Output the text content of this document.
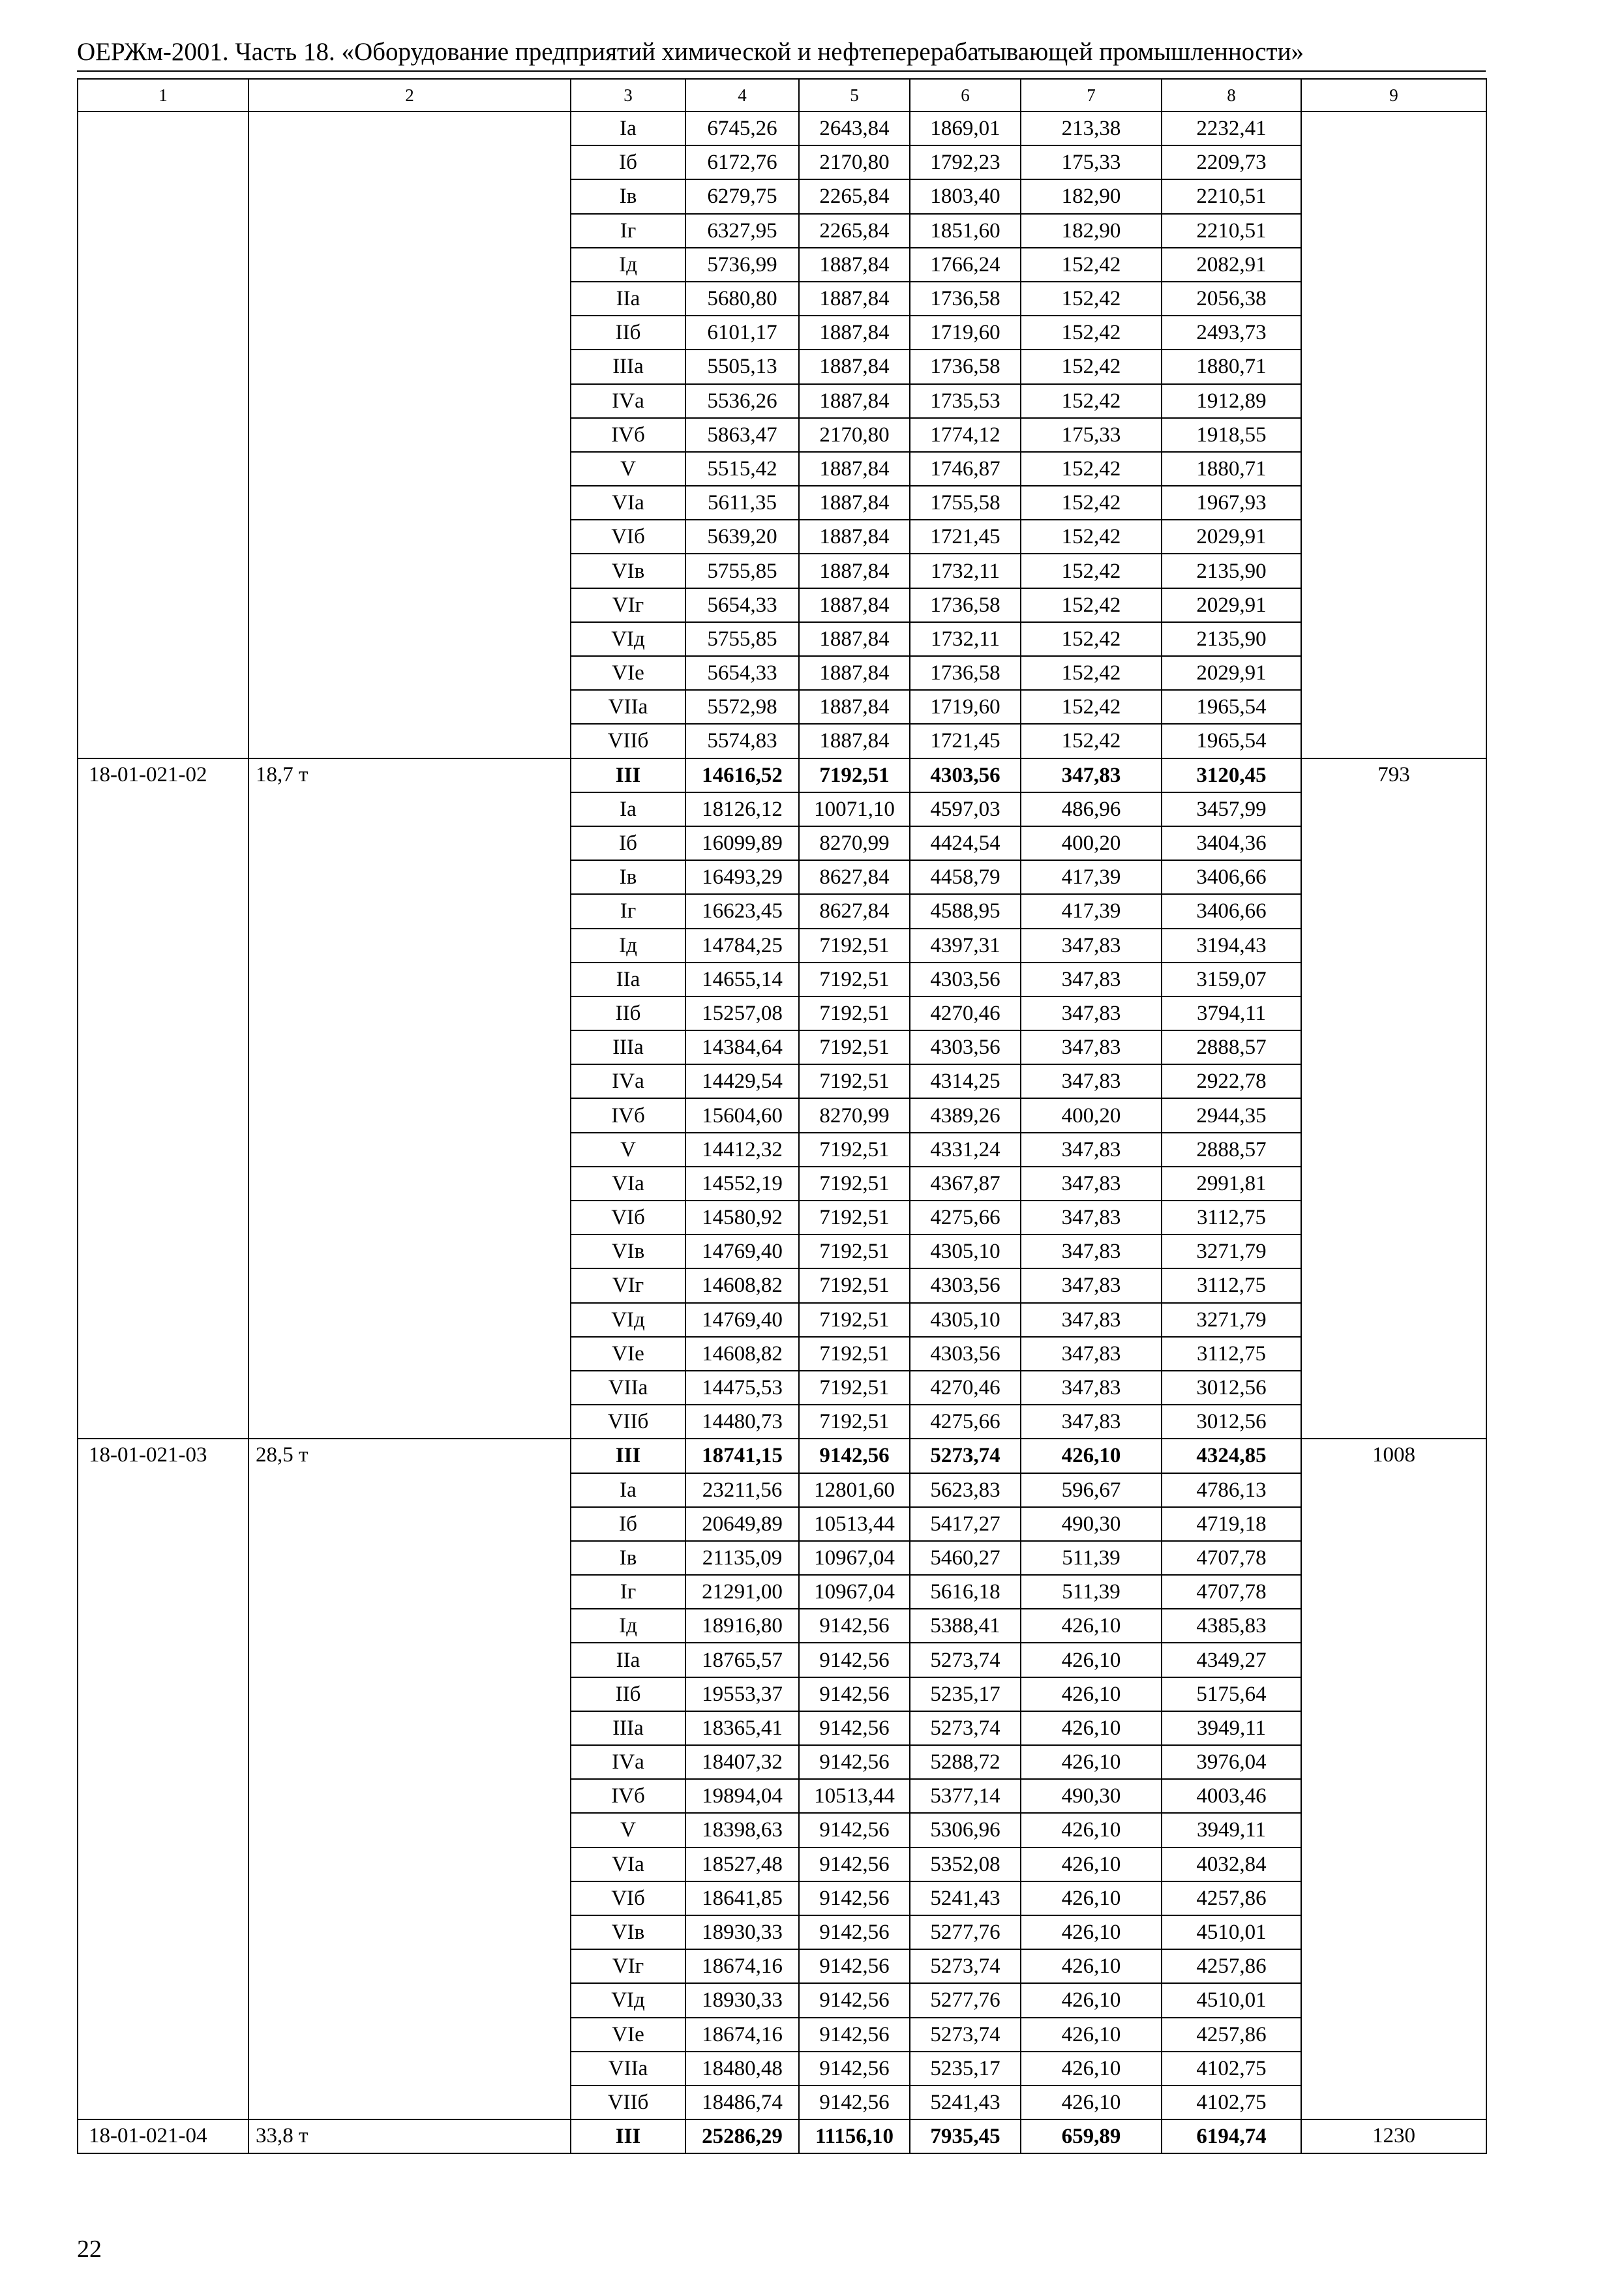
ОЕРЖм-2001. Часть 18. «Оборудование предприятий химической и нефтеперерабатывающей промышленности»
1	2	3	4	5	6	7	8	9
		Iа	6745,26	2643,84	1869,01	213,38	2232,41	
		Iб	6172,76	2170,80	1792,23	175,33	2209,73	
		Iв	6279,75	2265,84	1803,40	182,90	2210,51	
		Iг	6327,95	2265,84	1851,60	182,90	2210,51	
		Iд	5736,99	1887,84	1766,24	152,42	2082,91	
		IIа	5680,80	1887,84	1736,58	152,42	2056,38	
		IIб	6101,17	1887,84	1719,60	152,42	2493,73	
		IIIа	5505,13	1887,84	1736,58	152,42	1880,71	
		IVа	5536,26	1887,84	1735,53	152,42	1912,89	
		IVб	5863,47	2170,80	1774,12	175,33	1918,55	
		V	5515,42	1887,84	1746,87	152,42	1880,71	
		VIа	5611,35	1887,84	1755,58	152,42	1967,93	
		VIб	5639,20	1887,84	1721,45	152,42	2029,91	
		VIв	5755,85	1887,84	1732,11	152,42	2135,90	
		VIг	5654,33	1887,84	1736,58	152,42	2029,91	
		VIд	5755,85	1887,84	1732,11	152,42	2135,90	
		VIе	5654,33	1887,84	1736,58	152,42	2029,91	
		VIIа	5572,98	1887,84	1719,60	152,42	1965,54	
		VIIб	5574,83	1887,84	1721,45	152,42	1965,54	
18-01-021-02	18,7 т	III	14616,52	7192,51	4303,56	347,83	3120,45	793
		Iа	18126,12	10071,10	4597,03	486,96	3457,99	
		Iб	16099,89	8270,99	4424,54	400,20	3404,36	
		Iв	16493,29	8627,84	4458,79	417,39	3406,66	
		Iг	16623,45	8627,84	4588,95	417,39	3406,66	
		Iд	14784,25	7192,51	4397,31	347,83	3194,43	
		IIа	14655,14	7192,51	4303,56	347,83	3159,07	
		IIб	15257,08	7192,51	4270,46	347,83	3794,11	
		IIIа	14384,64	7192,51	4303,56	347,83	2888,57	
		IVа	14429,54	7192,51	4314,25	347,83	2922,78	
		IVб	15604,60	8270,99	4389,26	400,20	2944,35	
		V	14412,32	7192,51	4331,24	347,83	2888,57	
		VIа	14552,19	7192,51	4367,87	347,83	2991,81	
		VIб	14580,92	7192,51	4275,66	347,83	3112,75	
		VIв	14769,40	7192,51	4305,10	347,83	3271,79	
		VIг	14608,82	7192,51	4303,56	347,83	3112,75	
		VIд	14769,40	7192,51	4305,10	347,83	3271,79	
		VIе	14608,82	7192,51	4303,56	347,83	3112,75	
		VIIа	14475,53	7192,51	4270,46	347,83	3012,56	
		VIIб	14480,73	7192,51	4275,66	347,83	3012,56	
18-01-021-03	28,5 т	III	18741,15	9142,56	5273,74	426,10	4324,85	1008
		Iа	23211,56	12801,60	5623,83	596,67	4786,13	
		Iб	20649,89	10513,44	5417,27	490,30	4719,18	
		Iв	21135,09	10967,04	5460,27	511,39	4707,78	
		Iг	21291,00	10967,04	5616,18	511,39	4707,78	
		Iд	18916,80	9142,56	5388,41	426,10	4385,83	
		IIа	18765,57	9142,56	5273,74	426,10	4349,27	
		IIб	19553,37	9142,56	5235,17	426,10	5175,64	
		IIIа	18365,41	9142,56	5273,74	426,10	3949,11	
		IVа	18407,32	9142,56	5288,72	426,10	3976,04	
		IVб	19894,04	10513,44	5377,14	490,30	4003,46	
		V	18398,63	9142,56	5306,96	426,10	3949,11	
		VIа	18527,48	9142,56	5352,08	426,10	4032,84	
		VIб	18641,85	9142,56	5241,43	426,10	4257,86	
		VIв	18930,33	9142,56	5277,76	426,10	4510,01	
		VIг	18674,16	9142,56	5273,74	426,10	4257,86	
		VIд	18930,33	9142,56	5277,76	426,10	4510,01	
		VIе	18674,16	9142,56	5273,74	426,10	4257,86	
		VIIа	18480,48	9142,56	5235,17	426,10	4102,75	
		VIIб	18486,74	9142,56	5241,43	426,10	4102,75	
18-01-021-04	33,8 т	III	25286,29	11156,10	7935,45	659,89	6194,74	1230
22
